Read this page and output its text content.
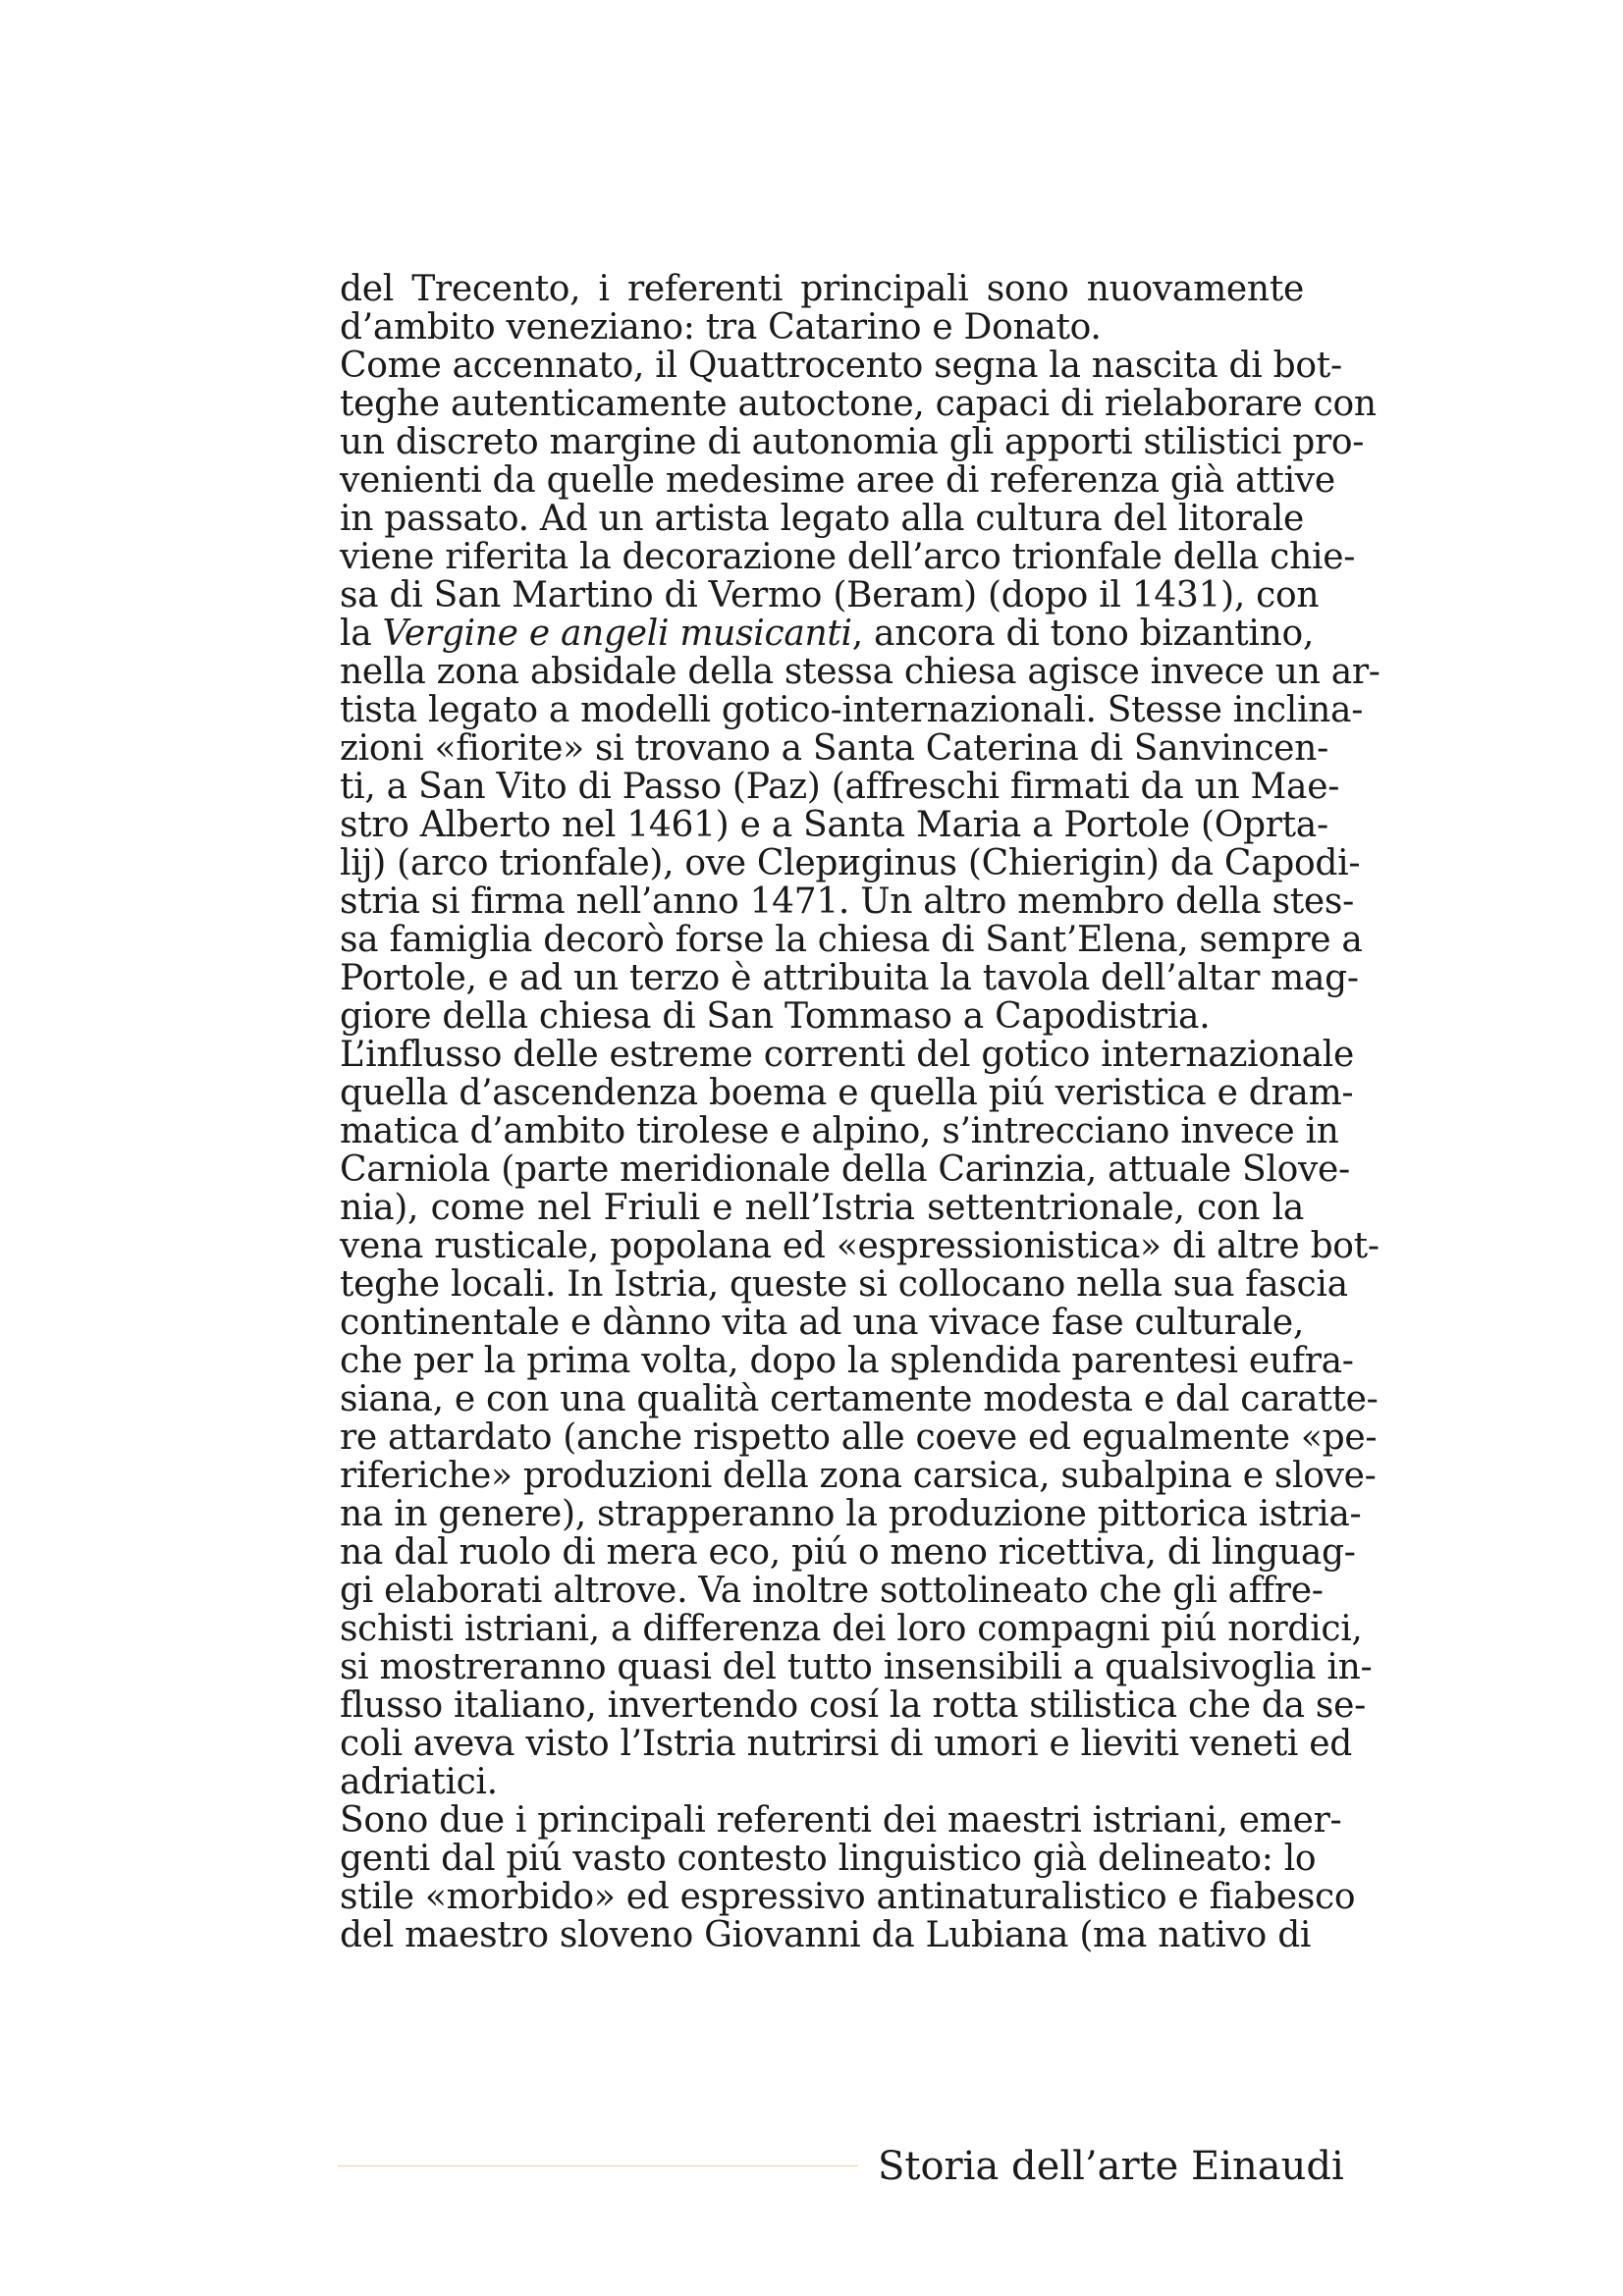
del Trecento, i referenti principali sono nuovamente
d’ambito veneziano: tra Catarino e Donato.
Come accennato, il Quattrocento segna la nascita di bot-
teghe autenticamente autoctone, capaci di rielaborare con
un discreto margine di autonomia gli apporti stilistici pro-
venienti da quelle medesime aree di referenza già attive
in passato. Ad un artista legato alla cultura del litorale
viene riferita la decorazione dell’arco trionfale della chie-
sa di San Martino di Vermo (Beram) (dopo il 1431), con
la Vergine e angeli musicanti, ancora di tono bizantino,
nella zona absidale della stessa chiesa agisce invece un ar-
tista legato a modelli gotico-internazionali. Stesse inclina-
zioni «fiorite» si trovano a Santa Caterina di Sanvincen-
ti, a San Vito di Passo (Paz) (affreschi firmati da un Mae-
stro Alberto nel 1461) e a Santa Maria a Portole (Oprta-
lij) (arco trionfale), ove Clериginus (Chierigin) da Capodi-
stria si firma nell’anno 1471. Un altro membro della stes-
sa famiglia decorò forse la chiesa di Sant’Elena, sempre a
Portole, e ad un terzo è attribuita la tavola dell’altar mag-
giore della chiesa di San Tommaso a Capodistria.
L’influsso delle estreme correnti del gotico internazionale
quella d’ascendenza boema e quella piú veristica e dram-
matica d’ambito tirolese e alpino, s’intrecciano invece in
Carniola (parte meridionale della Carinzia, attuale Slove-
nia), come nel Friuli e nell’Istria settentrionale, con la
vena rusticale, popolana ed «espressionistica» di altre bot-
teghe locali. In Istria, queste si collocano nella sua fascia
continentale e dànno vita ad una vivace fase culturale,
che per la prima volta, dopo la splendida parentesi eufra-
siana, e con una qualità certamente modesta e dal caratte-
re attardato (anche rispetto alle coeve ed egualmente «pe-
riferiche» produzioni della zona carsica, subalpina e slove-
na in genere), strapperanno la produzione pittorica istria-
na dal ruolo di mera eco, piú o meno ricettiva, di linguag-
gi elaborati altrove. Va inoltre sottolineato che gli affre-
schisti istriani, a differenza dei loro compagni piú nordici,
si mostreranno quasi del tutto insensibili a qualsivoglia in-
flusso italiano, invertendo cosí la rotta stilistica che da se-
coli aveva visto l’Istria nutrirsi di umori e lieviti veneti ed
adriatici.
Sono due i principali referenti dei maestri istriani, emer-
genti dal piú vasto contesto linguistico già delineato: lo
stile «morbido» ed espressivo antinaturalistico e fiabesco
del maestro sloveno Giovanni da Lubiana (ma nativo di
Storia dell’arte Einaudi
